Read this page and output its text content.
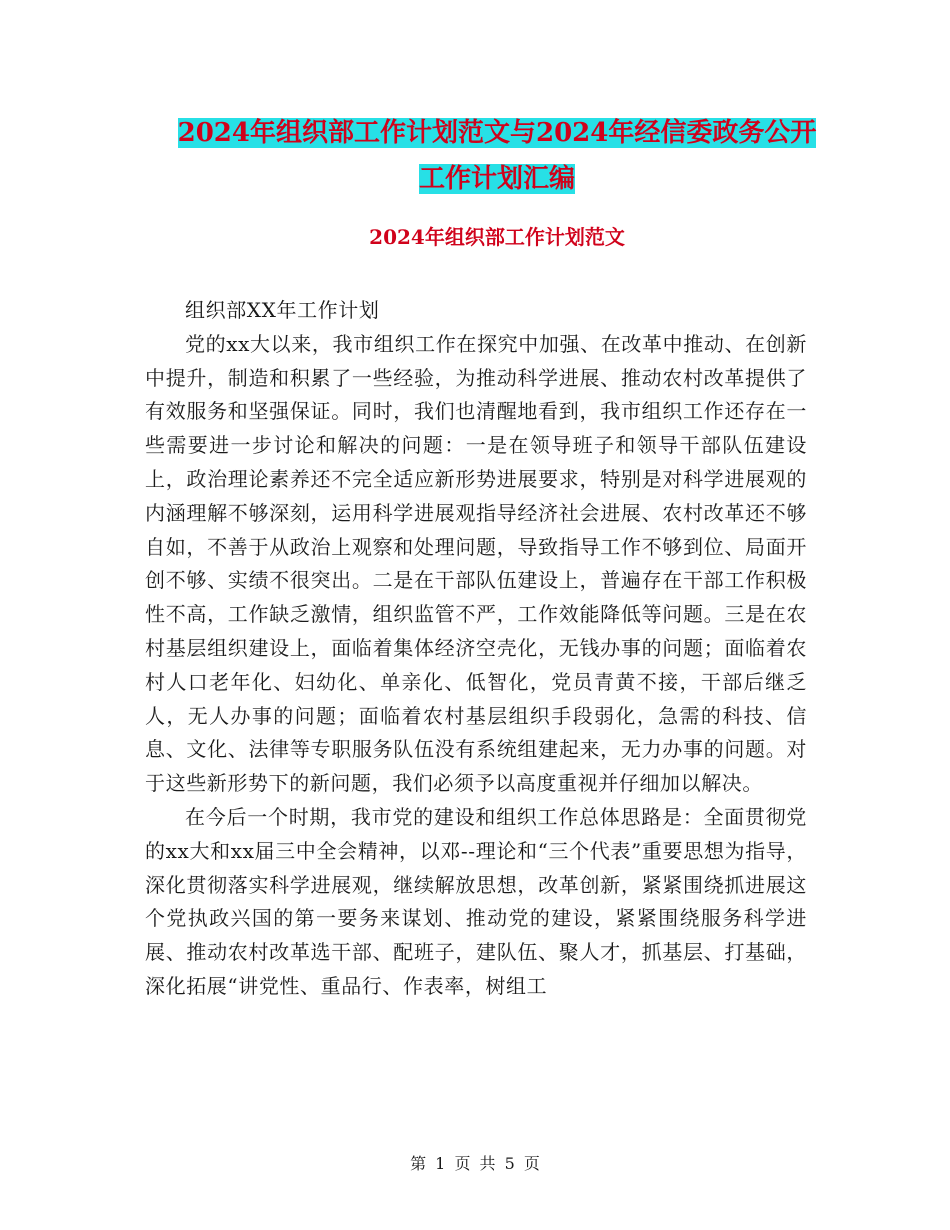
2024年组织部工作计划范文与2024年经信委政务公开
工作计划汇编
2024年组织部工作计划范文

组织部XX年工作计划

党的xx大以来，我市组织工作在探究中加强、在改革中推动、在创新中提升，制造和积累了一些经验，为推动科学进展、推动农村改革提供了有效服务和坚强保证。同时，我们也清醒地看到，我市组织工作还存在一些需要进一步讨论和解决的问题：一是在领导班子和领导干部队伍建设上，政治理论素养还不完全适应新形势进展要求，特别是对科学进展观的内涵理解不够深刻，运用科学进展观指导经济社会进展、农村改革还不够自如，不善于从政治上观察和处理问题，导致指导工作不够到位、局面开创不够、实绩不很突出。二是在干部队伍建设上，普遍存在干部工作积极性不高，工作缺乏激情，组织监管不严，工作效能降低等问题。三是在农村基层组织建设上，面临着集体经济空壳化，无钱办事的问题；面临着农村人口老年化、妇幼化、单亲化、低智化，党员青黄不接，干部后继乏人，无人办事的问题；面临着农村基层组织手段弱化，急需的科技、信息、文化、法律等专职服务队伍没有系统组建起来，无力办事的问题。对于这些新形势下的新问题，我们必须予以高度重视并仔细加以解决。

在今后一个时期，我市党的建设和组织工作总体思路是：全面贯彻党的xx大和xx届三中全会精神，以邓--理论和“三个代表”重要思想为指导，深化贯彻落实科学进展观，继续解放思想，改革创新，紧紧围绕抓进展这个党执政兴国的第一要务来谋划、推动党的建设，紧紧围绕服务科学进展、推动农村改革选干部、配班子，建队伍、聚人才，抓基层、打基础，深化拓展“讲党性、重品行、作表率，树组工

第 1 页 共 5 页
